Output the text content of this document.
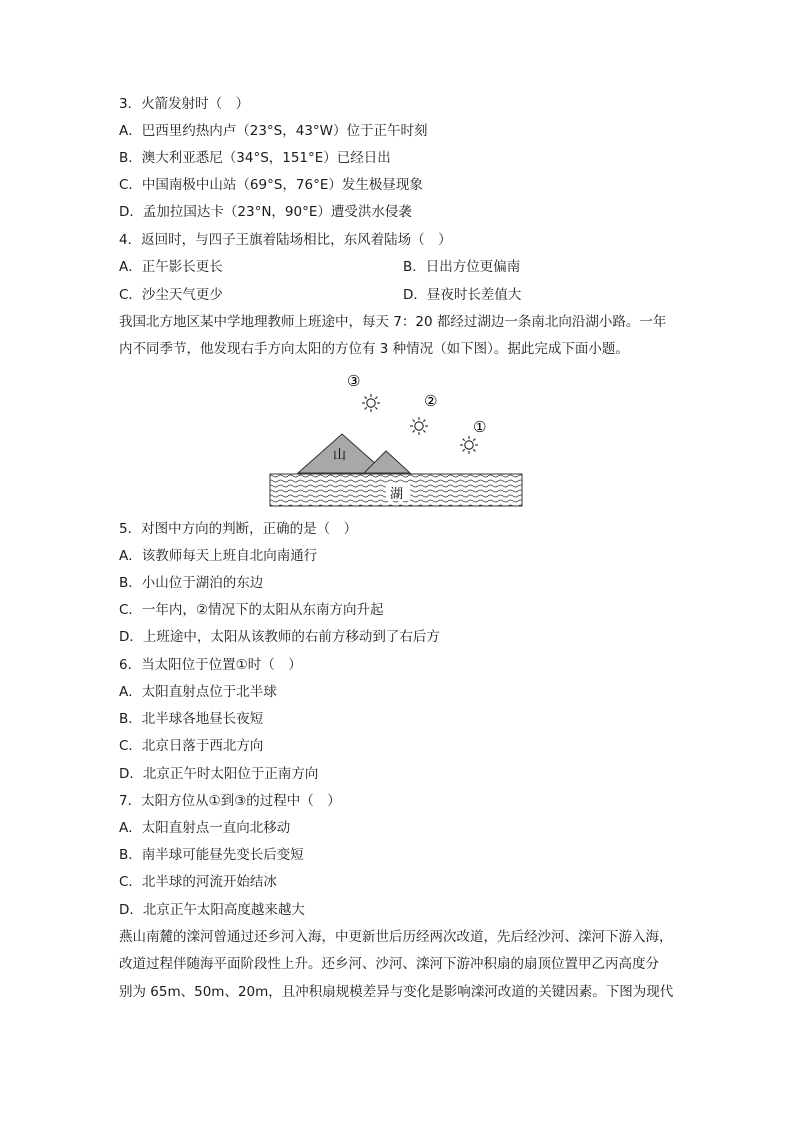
3．火箭发射时（　）
A．巴西里约热内卢（23°S，43°W）位于正午时刻
B．澳大利亚悉尼（34°S，151°E）已经日出
C．中国南极中山站（69°S，76°E）发生极昼现象
D．孟加拉国达卡（23°N，90°E）遭受洪水侵袭
4．返回时，与四子王旗着陆场相比，东风着陆场（　）
A．正午影长更长	B．日出方位更偏南
C．沙尘天气更少	D．昼夜时长差值大
我国北方地区某中学地理教师上班途中，每天 7：20 都经过湖边一条南北向沿湖小路。一年
内不同季节，他发现右手方向太阳的方位有 3 种情况（如下图）。据此完成下面小题。
山
湖
③
②
①
5．对图中方向的判断，正确的是（　）
A．该教师每天上班自北向南通行
B．小山位于湖泊的东边
C．一年内，②情况下的太阳从东南方向升起
D．上班途中，太阳从该教师的右前方移动到了右后方
6．当太阳位于位置①时（　）
A．太阳直射点位于北半球
B．北半球各地昼长夜短
C．北京日落于西北方向
D．北京正午时太阳位于正南方向
7．太阳方位从①到③的过程中（　）
A．太阳直射点一直向北移动
B．南半球可能昼先变长后变短
C．北半球的河流开始结冰
D．北京正午太阳高度越来越大
燕山南麓的滦河曾通过还乡河入海，中更新世后历经两次改道，先后经沙河、滦河下游入海，
改道过程伴随海平面阶段性上升。还乡河、沙河、滦河下游冲积扇的扇顶位置甲乙丙高度分
别为 65m、50m、20m，且冲积扇规模差异与变化是影响滦河改道的关键因素。下图为现代
